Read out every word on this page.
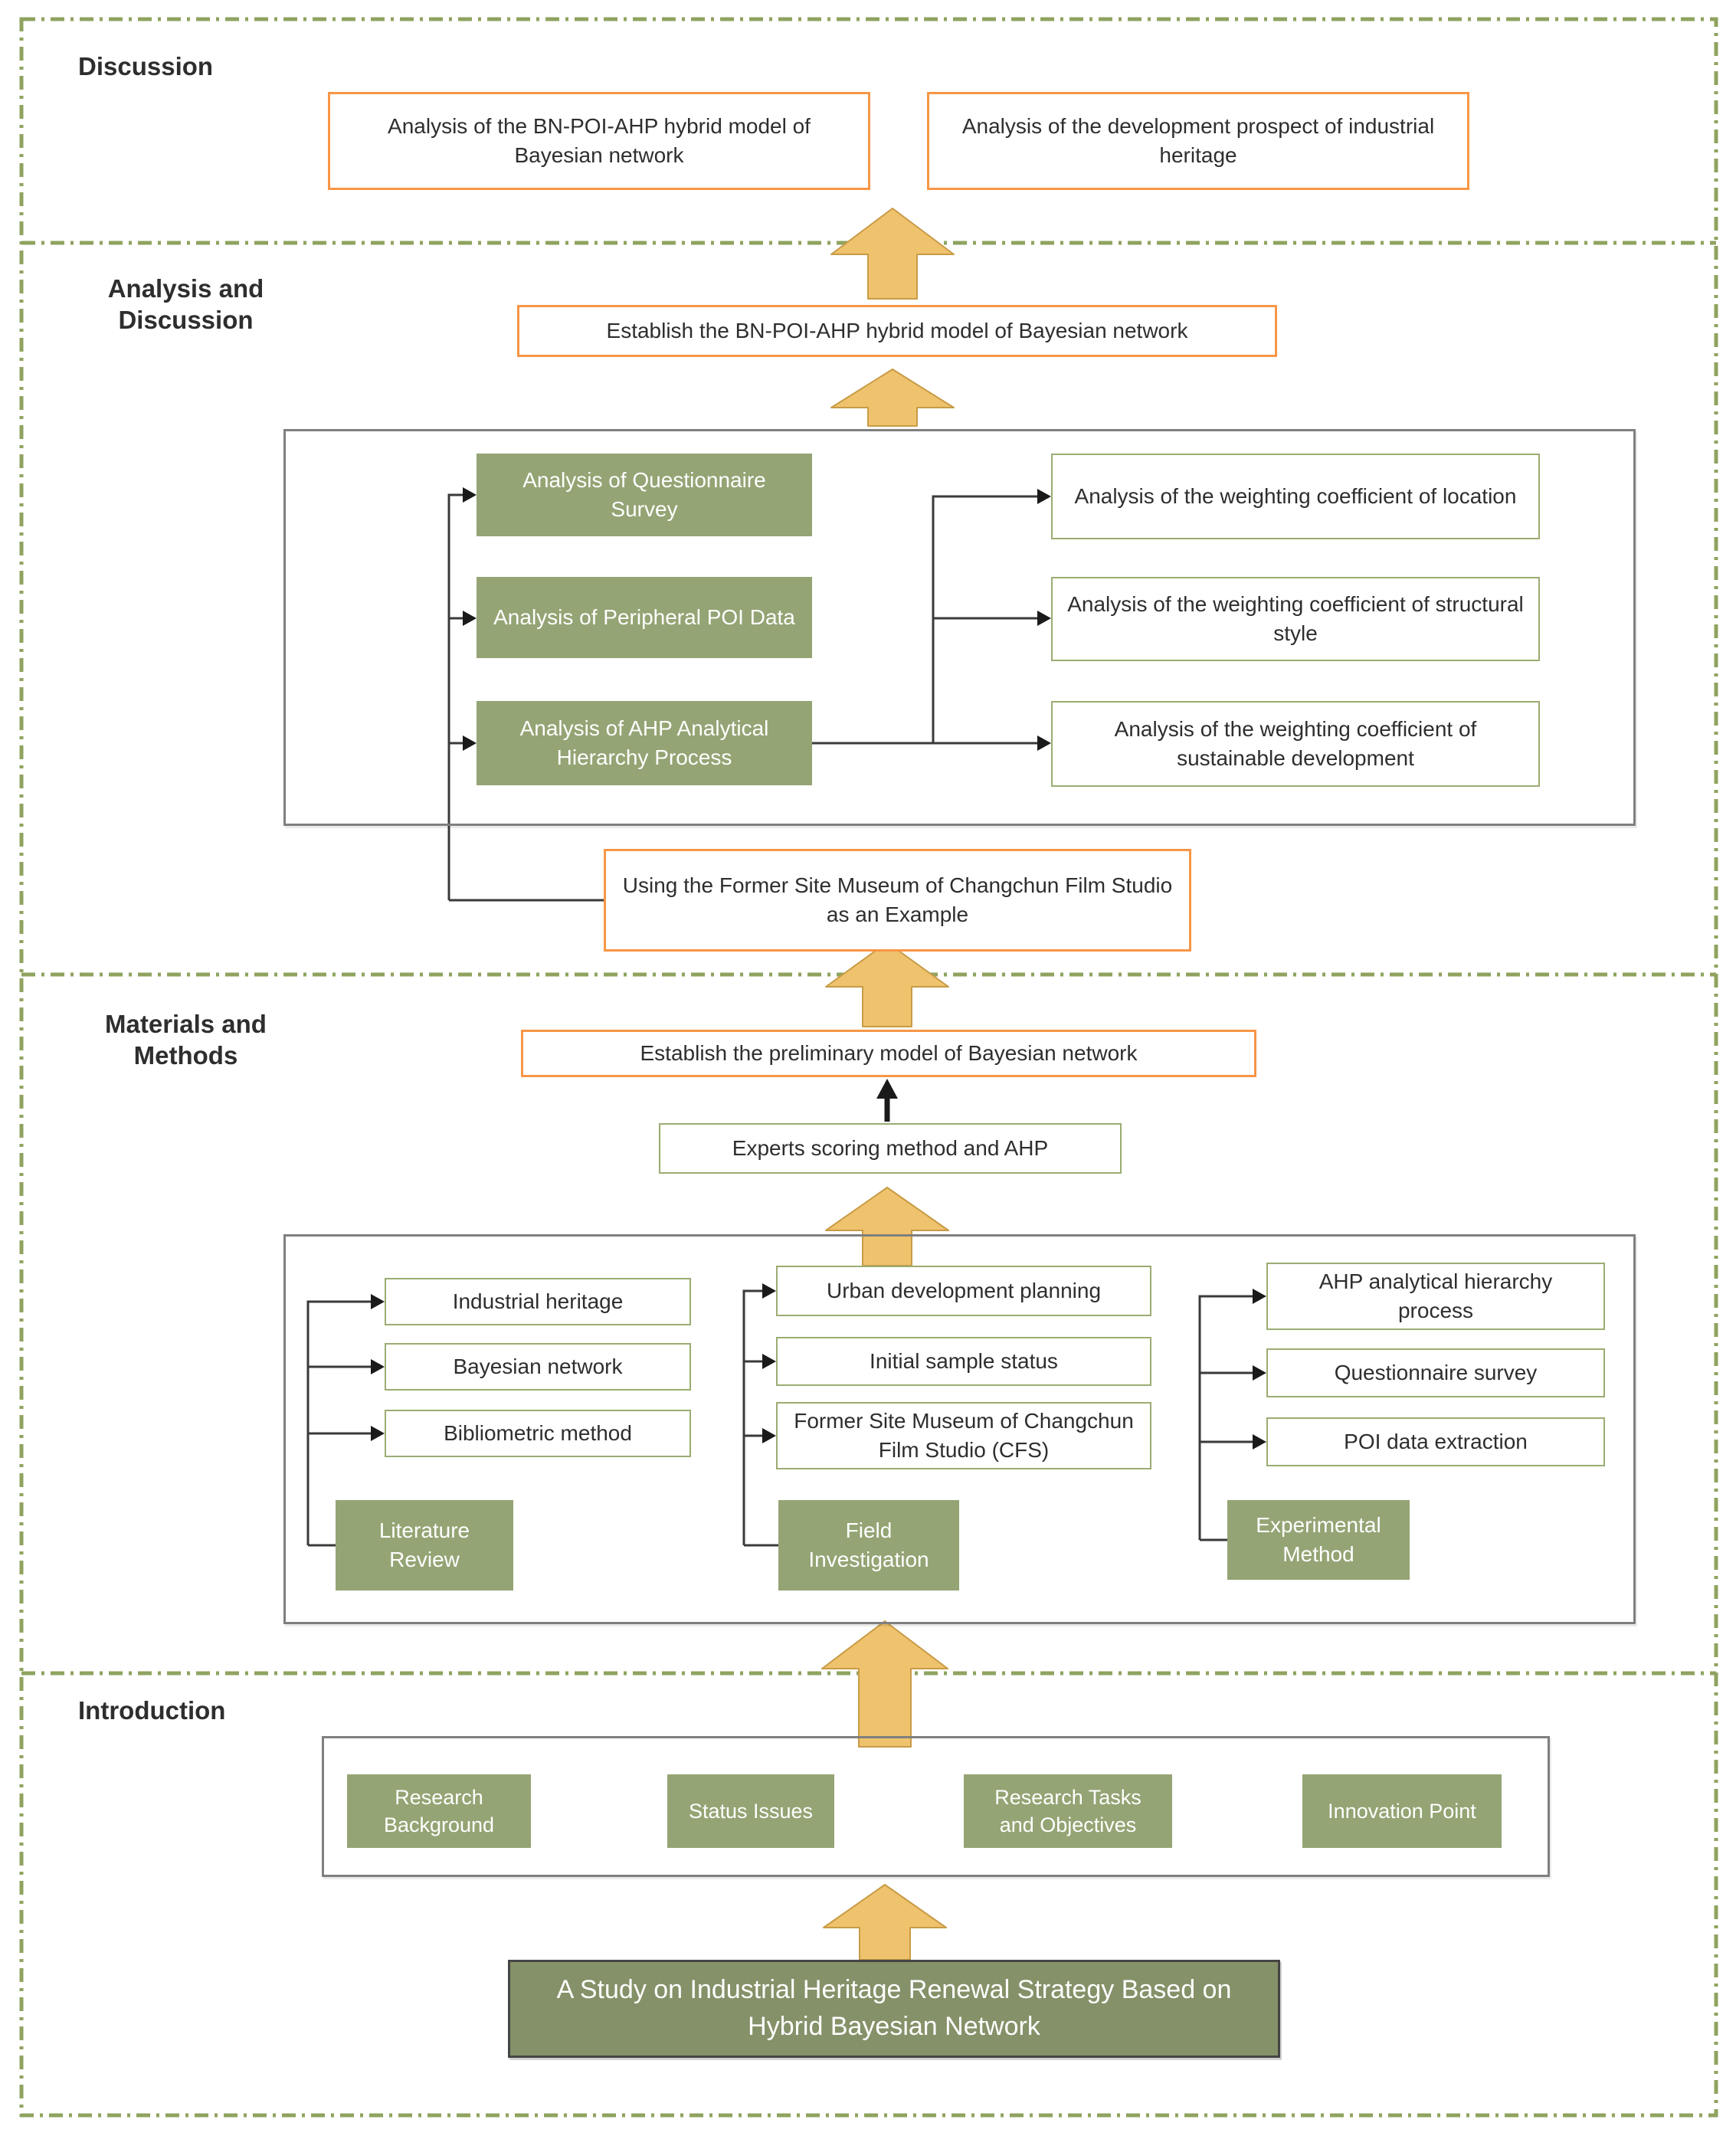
Discussion
Analysis of the BN-POI-AHP hybrid model of Bayesian network
Analysis of the development prospect of industrial heritage
Analysis and Discussion	Establish the BN-POI-AHP hybrid model of Bayesian network
Analysis of Questionnaire Survey
Analysis of Peripheral POI Data
Analysis of AHP Analytical Hierarchy Process
Analysis of the weighting coefficient of location
Analysis of the weighting coefficient of structural style
Analysis of the weighting coefficient of sustainable development
Using the Former Site Museum of Changchun Film Studio as an Example
Materials and Methods	Establish the preliminary model of Bayesian network
Experts scoring method and AHP
Industrial heritage
Bayesian network
Bibliometric method
Literature Review
Urban development planning
Initial sample status
Former Site Museum of Changchun Film Studio (CFS)
Field Investigation
AHP analytical hierarchy process
Questionnaire survey
POI data extraction
Experimental Method
Introduction
Research Background
Status Issues
Research Tasks and Objectives
Innovation Point
A Study on Industrial Heritage Renewal Strategy Based on Hybrid Bayesian Network
